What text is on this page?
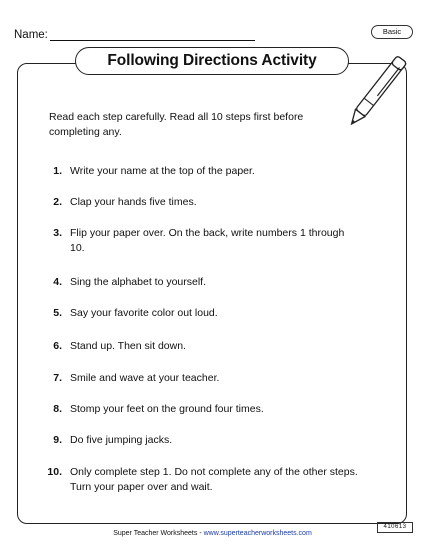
Name:	Basic
Following Directions Activity
Read each step carefully. Read all 10 steps first before completing any.
1. Write your name at the top of the paper.
2. Clap your hands five times.
3. Flip your paper over. On the back, write numbers 1 through 10.
4. Sing the alphabet to yourself.
5. Say your favorite color out loud.
6. Stand up. Then sit down.
7. Smile and wave at your teacher.
8. Stomp your feet on the ground four times.
9. Do five jumping jacks.
10. Only complete step 1. Do not complete any of the other steps. Turn your paper over and wait.
Super Teacher Worksheets - www.superteacherworksheets.com
410613
